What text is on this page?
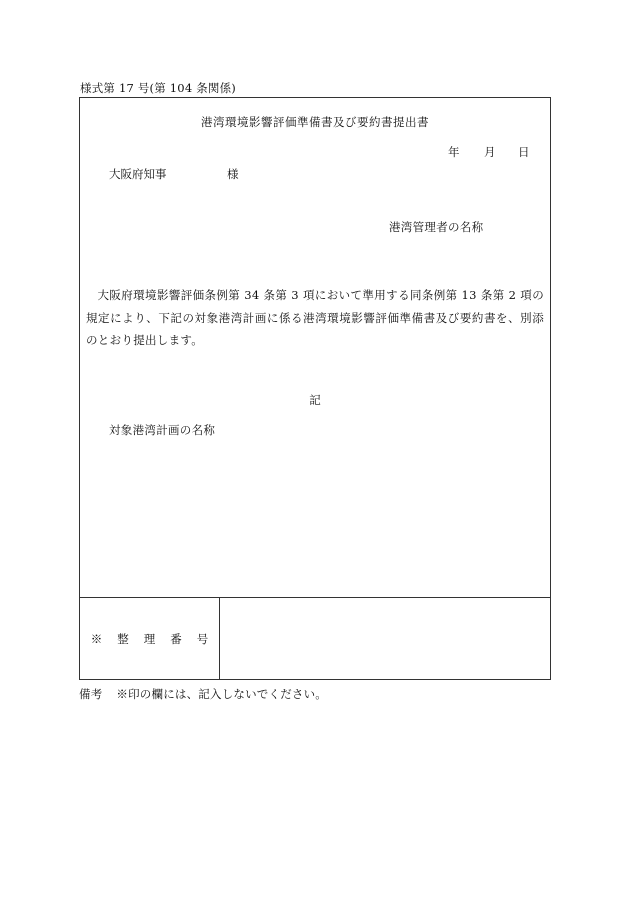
様式第 17 号(第 104 条関係)
港湾環境影響評価準備書及び要約書提出書
年 月 日
大阪府知事	様
港湾管理者の名称
大阪府環境影響評価条例第 34 条第 3 項において準用する同条例第 13 条第 2 項の規定により、下記の対象港湾計画に係る港湾環境影響評価準備書及び要約書を、別添のとおり提出します。
記
対象港湾計画の名称
※整理番号
備考 ※印の欄には、記入しないでください。
